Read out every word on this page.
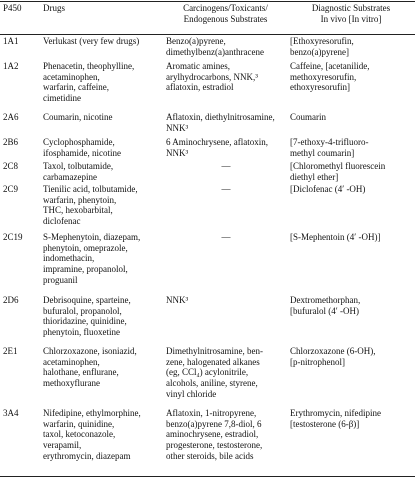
P450	Drugs	Carcinogens/Toxicants/
Endogenous Substrates	Diagnostic Substrates
In vivo [In vitro]
1A1	Verlukast (very few drugs)	Benzo(a)pyrene,
dimethylbenz(a)anthracene	[Ethoxyresorufin,
benzo(a)pyrene]
1A2	Phenacetin, theophylline,
acetaminophen,
warfarin, caffeine,
cimetidine	Aromatic amines,
arylhydrocarbons, NNK,³
aflatoxin, estradiol	Caffeine, [acetanilide,
methoxyresorufin,
ethoxyresorufin]
2A6	Coumarin, nicotine	Aflatoxin, diethylnitrosamine,
NNK³	Coumarin
2B6	Cyclophosphamide,
ifosphamide, nicotine	6 Aminochrysene, aflatoxin,
NNK³	[7-ethoxy-4-trifluoro-
methyl coumarin]
2C8	Taxol, tolbutamide,
carbamazepine	—	[Chloromethyl fluorescein
diethyl ether]
2C9	Tienilic acid, tolbutamide,
warfarin, phenytoin,
THC, hexobarbital,
diclofenac	—	[Diclofenac (4′ -OH)
2C19	S-Mephenytoin, diazepam,
phenytoin, omeprazole,
indomethacin,
impramine, propanolol,
proguanil	—	[S-Mephentoin (4′ -OH)]
2D6	Debrisoquine, sparteine,
bufuralol, propanolol,
thioridazine, quinidine,
phenytoin, fluoxetine	NNK³	Dextromethorphan,
[bufuralol (4′ -OH)
2E1	Chlorzoxazone, isoniazid,
acetaminophen,
halothane, enflurane,
methoxyflurane	Dimethylnitrosamine, ben-
zene, halogenated alkanes
(eg, CCl₄) acylonitrile,
alcohols, aniline, styrene,
vinyl chloride	Chlorzoxazone (6-OH),
[p-nitrophenol]
3A4	Nifedipine, ethylmorphine,
warfarin, quinidine,
taxol, ketoconazole,
verapamil,
erythromycin, diazepam	Aflatoxin, 1-nitropyrene,
benzo(a)pyrene 7,8-diol, 6
aminochrysene, estradiol,
progesterone, testosterone,
other steroids, bile acids	Erythromycin, nifedipine
[testosterone (6-β)]
